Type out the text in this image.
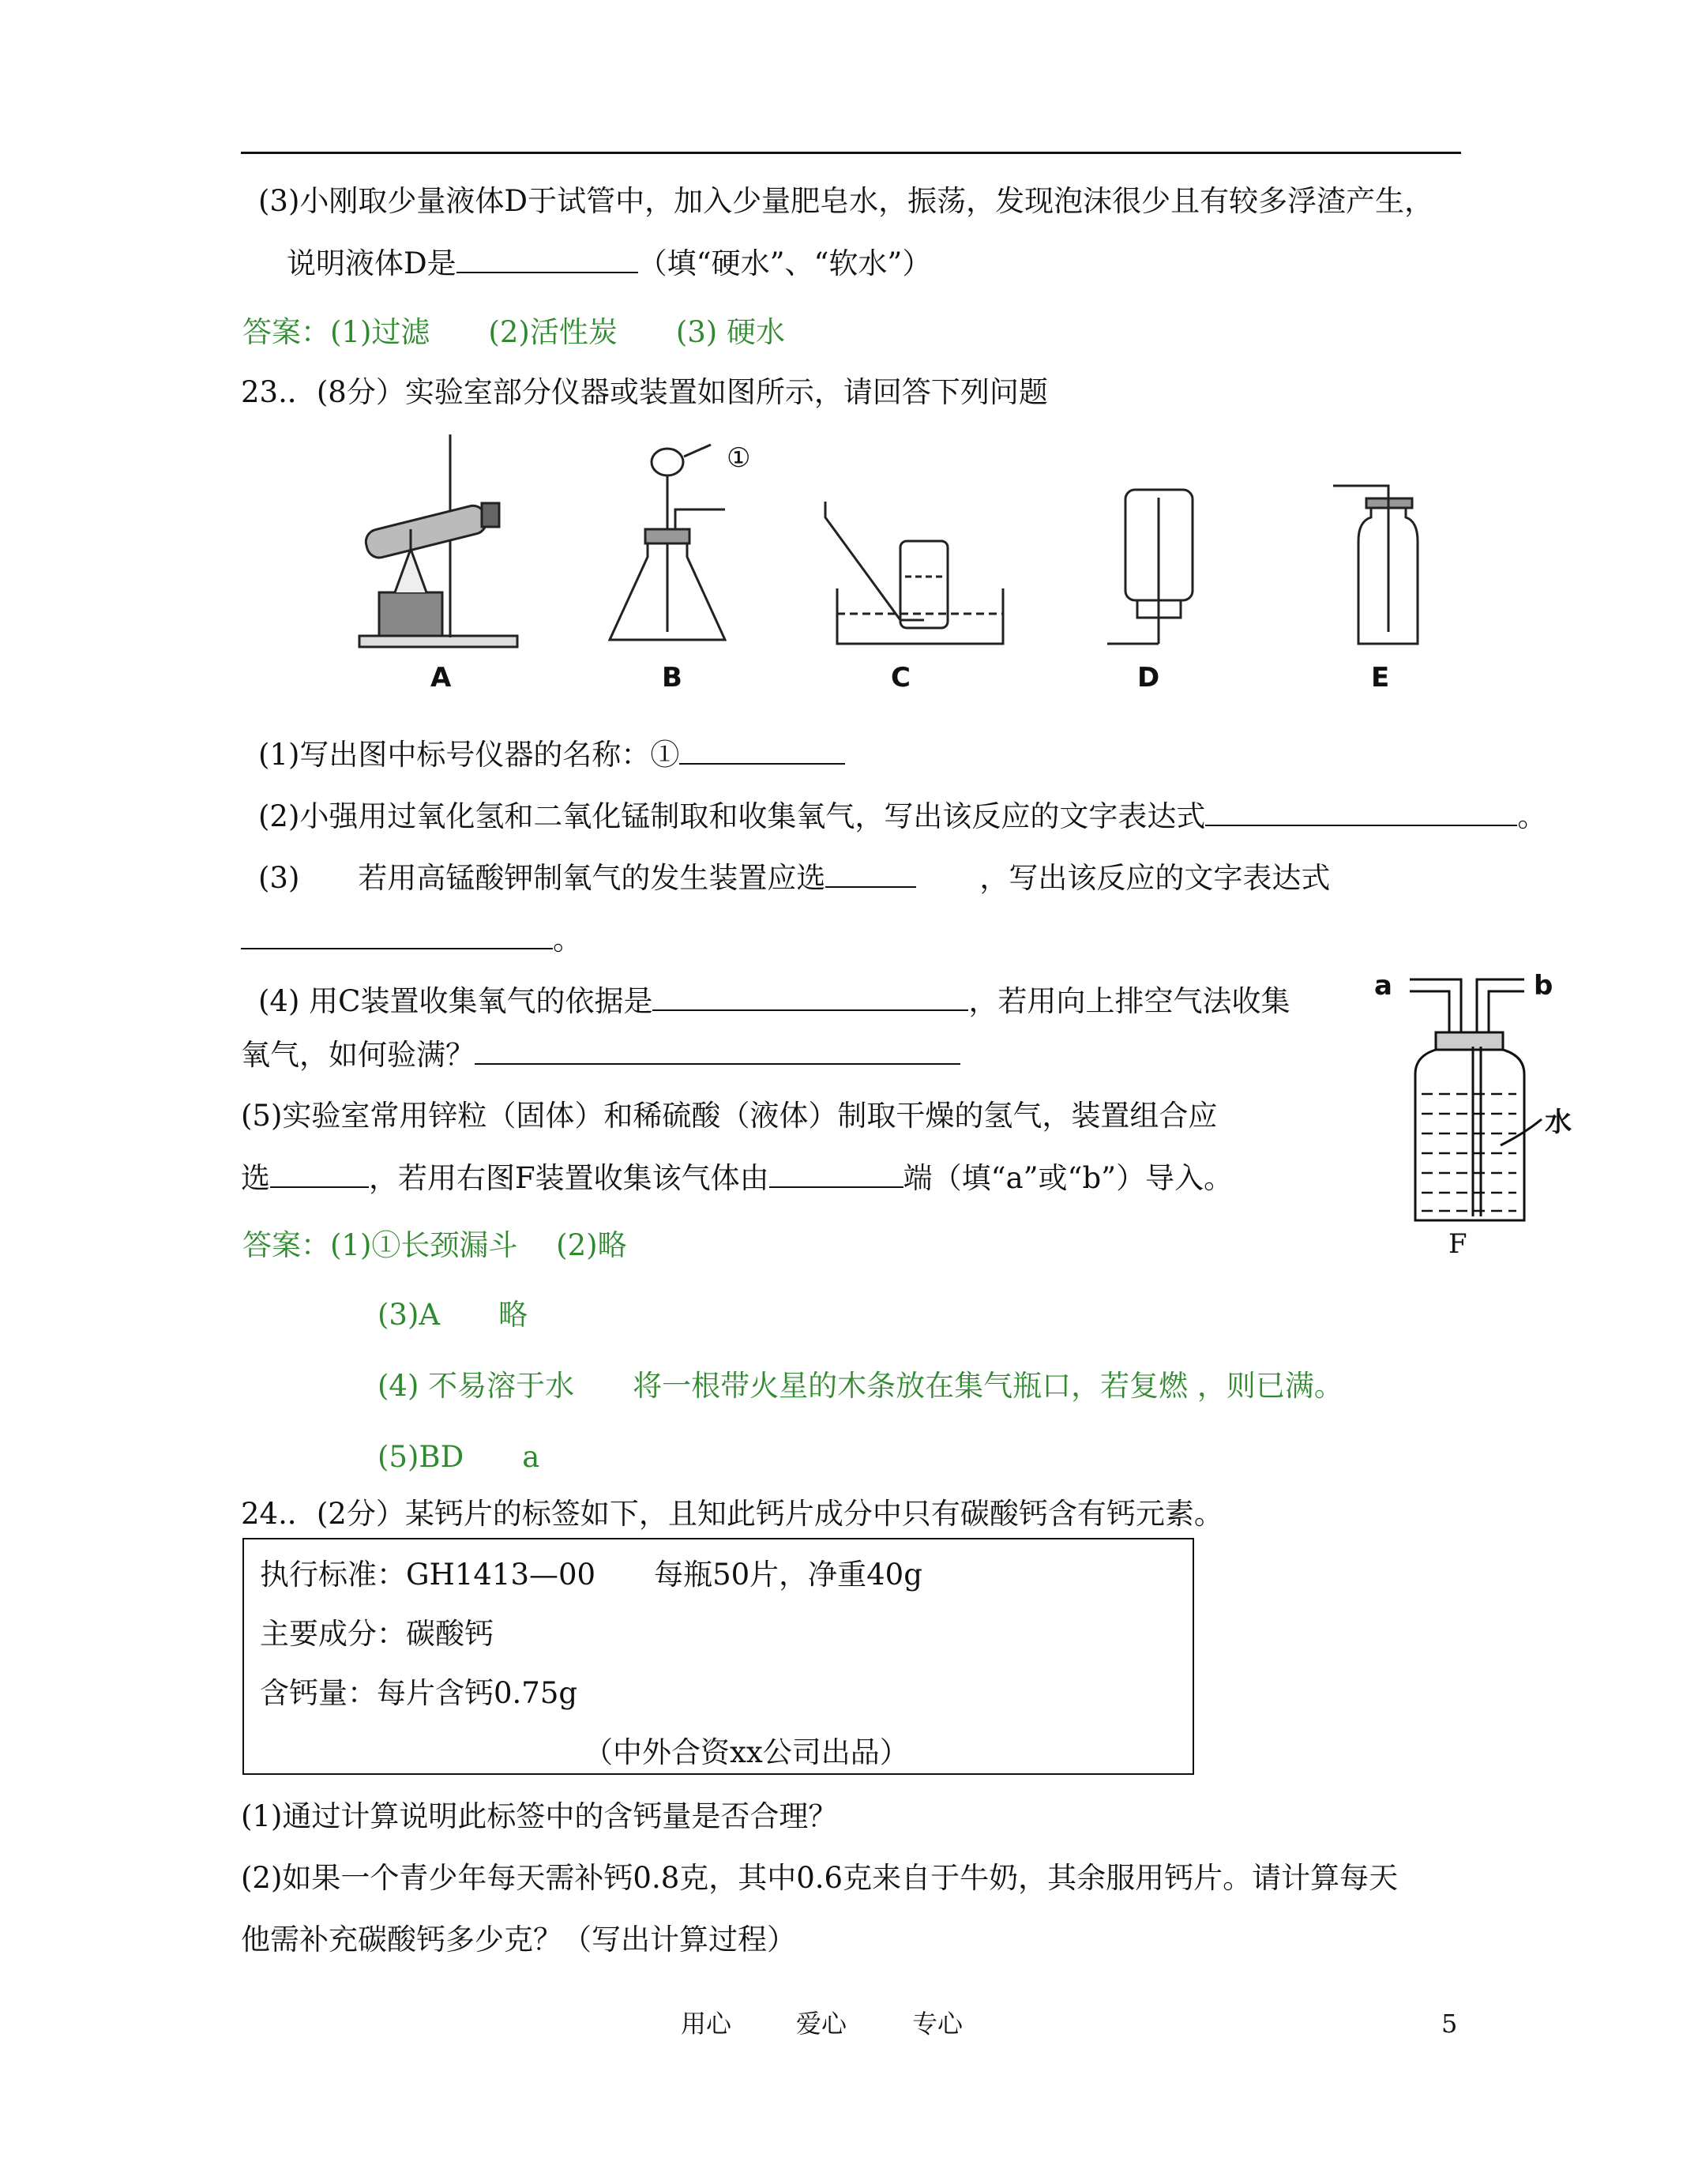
(3)小刚取少量液体D于试管中，加入少量肥皂水，振荡，发现泡沫很少且有较多浮渣产生，
说明液体D是	（填“硬水”、“软水”）
答案：(1)过滤　　(2)活性炭　　(3) 硬水
23.．(8分）实验室部分仪器或装置如图所示，请回答下列问题
①
A	B	C	D	E
(1)写出图中标号仪器的名称：①
(2)小强用过氧化氢和二氧化锰制取和收集氧气，写出该反应的文字表达式	。
(3)　　若用高锰酸钾制氧气的发生装置应选	，写出该反应的文字表达式
。
(4) 用C装置收集氧气的依据是	，若用向上排空气法收集
氧气，如何验满？
(5)实验室常用锌粒（固体）和稀硫酸（液体）制取干燥的氢气，装置组合应
选	，若用右图F装置收集该气体由	端（填“a”或“b”）导入。
a	b
水
F
答案：(1)①长颈漏斗　 (2)略
(3)A　　略
(4) 不易溶于水　　将一根带火星的木条放在集气瓶口，若复燃 ，则已满。
(5)BD　　a
24.．(2分）某钙片的标签如下，且知此钙片成分中只有碳酸钙含有钙元素。
执行标准：GH1413—00　　每瓶50片，净重40g
主要成分：碳酸钙
含钙量：每片含钙0.75g
（中外合资xx公司出品）
(1)通过计算说明此标签中的含钙量是否合理？
(2)如果一个青少年每天需补钙0.8克，其中0.6克来自于牛奶，其余服用钙片。请计算每天
他需补充碳酸钙多少克？（写出计算过程）
用心	爱心	专心	5
